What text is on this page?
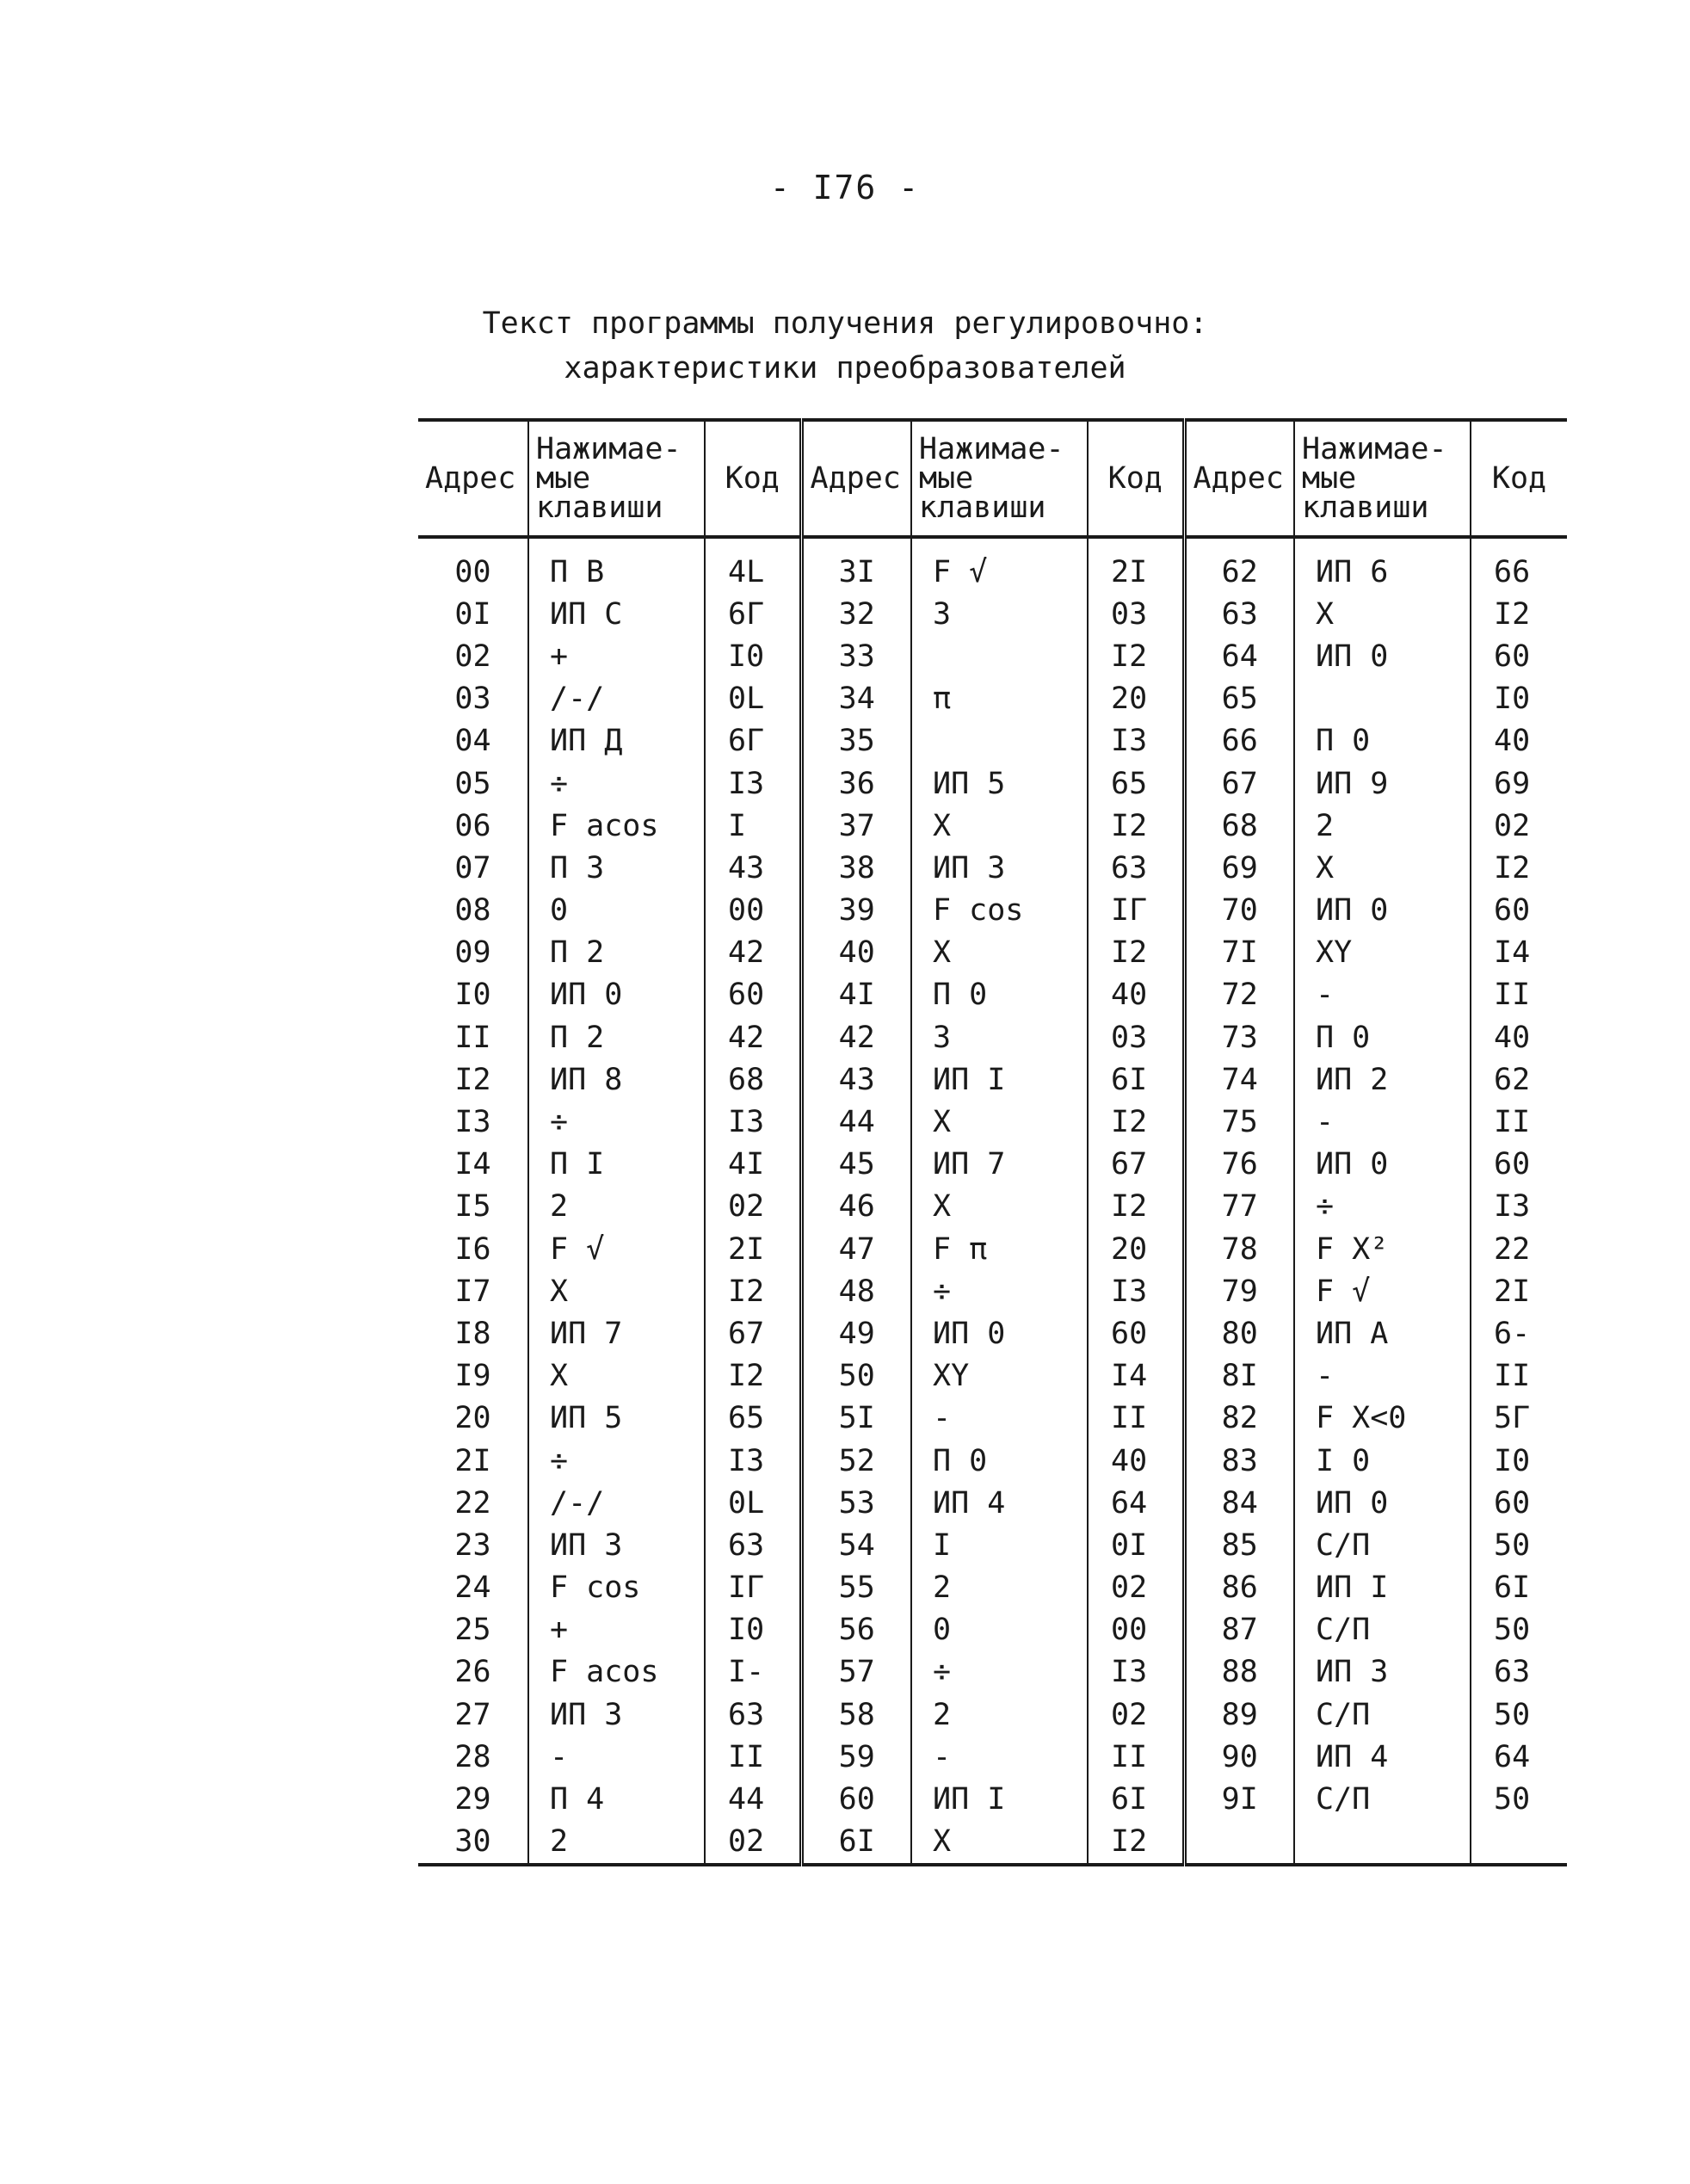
- I76 -
Текст программы получения регулировочно:
характеристики преобразователей
Адрес	Нажимае-
мые
клавиши	Код	Адрес	Нажимае-
мые
клавиши	Код	Адрес	Нажимае-
мые
клавиши	Код

00	П B	4L	3I	F √	2I	62	ИП 6	66
0I	ИП C	6Г	32	3	03	63	X	I2
02	+	I0	33		I2	64	ИП 0	60
03	/-/	0L	34	π	20	65		I0
04	ИП Д	6Г	35		I3	66	П 0	40
05	÷	I3	36	ИП 5	65	67	ИП 9	69
06	F acos	I	37	X	I2	68	2	02
07	П 3	43	38	ИП 3	63	69	X	I2
08	0	00	39	F cos	IГ	70	ИП 0	60
09	П 2	42	40	X	I2	7I	XY	I4
I0	ИП 0	60	4I	П 0	40	72	-	II
II	П 2	42	42	3	03	73	П 0	40
I2	ИП 8	68	43	ИП I	6I	74	ИП 2	62
I3	÷	I3	44	X	I2	75	-	II
I4	П I	4I	45	ИП 7	67	76	ИП 0	60
I5	2	02	46	X	I2	77	÷	I3
I6	F √	2I	47	F π	20	78	F X²	22
I7	X	I2	48	÷	I3	79	F √	2I
I8	ИП 7	67	49	ИП 0	60	80	ИП A	6-
I9	X	I2	50	XY	I4	8I	-	II
20	ИП 5	65	5I	-	II	82	F X<0	5Г
2I	÷	I3	52	П 0	40	83	I 0	I0
22	/-/	0L	53	ИП 4	64	84	ИП 0	60
23	ИП 3	63	54	I	0I	85	С/П	50
24	F cos	IГ	55	2	02	86	ИП I	6I
25	+	I0	56	0	00	87	С/П	50
26	F acos	I-	57	÷	I3	88	ИП 3	63
27	ИП 3	63	58	2	02	89	С/П	50
28	-	II	59	-	II	90	ИП 4	64
29	П 4	44	60	ИП I	6I	9I	С/П	50
30	2	02	6I	X	I2			
